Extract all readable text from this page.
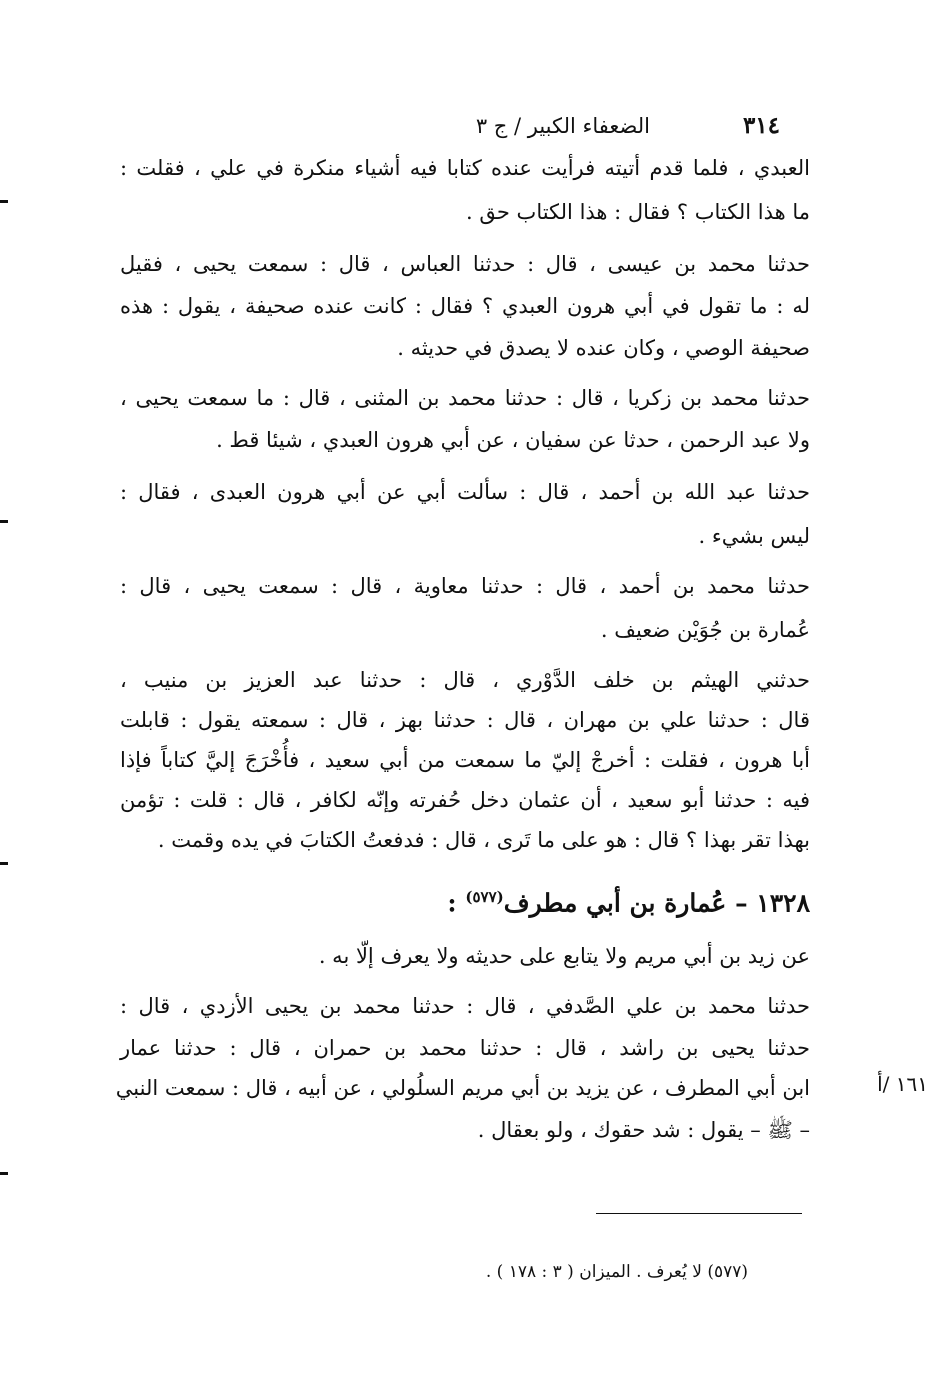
٣١٤
الضعفاء الكبير / ج ٣
العبدي ، فلما قدم أتيته فرأيت عنده كتابا فيه أشياء منكرة في علي ، فقلت :
ما هذا الكتاب ؟ فقال : هذا الكتاب حق .
حدثنا محمد بن عيسى ، قال : حدثنا العباس ، قال : سمعت يحيى ، فقيل
له : ما تقول في أبي هرون العبدي ؟ فقال : كانت عنده صحيفة ، يقول : هذه
صحيفة الوصي ، وكان عنده لا يصدق في حديثه .
حدثنا محمد بن زكريا ، قال : حدثنا محمد بن المثنى ، قال : ما سمعت يحيى ،
ولا عبد الرحمن ، حدثا عن سفيان ، عن أبي هرون العبدي ، شيئا قط .
حدثنا عبد الله بن أحمد ، قال : سألت أبي عن أبي هرون العبدى ، فقال :
ليس بشيء .
حدثنا محمد بن أحمد ، قال : حدثنا معاوية ، قال : سمعت يحيى ، قال :
عُمارة بن جُوَيْن ضعيف .
حدثني الهيثم بن خلف الدَّوْري ، قال : حدثنا عبد العزيز بن منيب ،
قال : حدثنا علي بن مهران ، قال : حدثنا بهز ، قال : سمعته يقول : قابلت
أبا هرون ، فقلت : أخرجْ إليّ ما سمعت من أبي سعيد ، فأُخْرَجَ إليَّ كتاباً فإذا
فيه : حدثنا أبو سعيد ، أن عثمان دخل حُفرته وإنّه لكافر ، قال : قلت : تؤمن
بهذا تقر بهذا ؟ قال : هو على ما تَرى ، قال : فدفعتُ الكتابَ في يده وقمت .
١٣٢٨ – عُمارة بن أبي مطرف$^{(٥٧٧)}$ :
عن زيد بن أبي مريم ولا يتابع على حديثه ولا يعرف إلّا به .
حدثنا محمد بن علي الصَّدفي ، قال : حدثنا محمد بن يحيى الأزدي ، قال :
حدثنا يحيى بن راشد ، قال : حدثنا محمد بن حمران ، قال : حدثنا عمار
ابن أبي المطرف ، عن يزيد بن أبي مريم السلُولي ، عن أبيه ، قال : سمعت النبي
– ﷺ – يقول : شد حقوك ، ولو بعقال .
١٦١ /أ
(٥٧٧) لا يُعرف . الميزان ( ٣ : ١٧٨ ) .
